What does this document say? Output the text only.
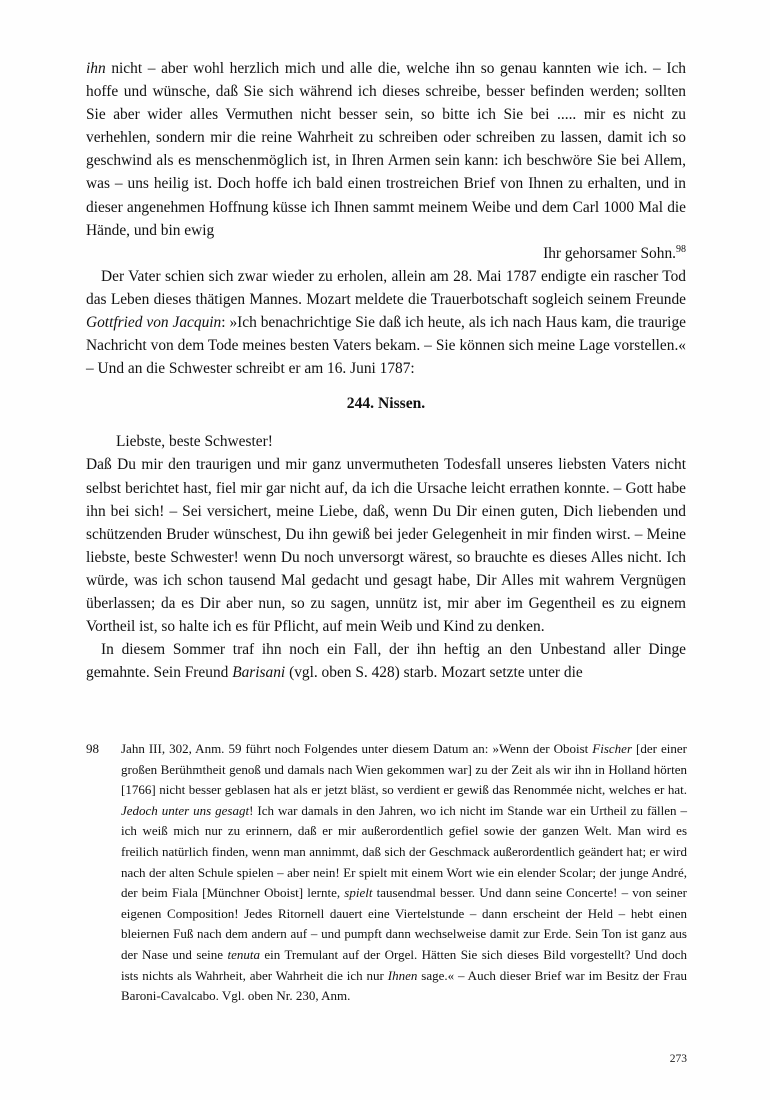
ihn nicht – aber wohl herzlich mich und alle die, welche ihn so genau kannten wie ich. – Ich hoffe und wünsche, daß Sie sich während ich dieses schreibe, besser befinden werden; sollten Sie aber wider alles Vermuthen nicht besser sein, so bitte ich Sie bei ..... mir es nicht zu verhehlen, sondern mir die reine Wahrheit zu schreiben oder schreiben zu lassen, damit ich so geschwind als es menschenmöglich ist, in Ihren Armen sein kann: ich beschwöre Sie bei Allem, was – uns heilig ist. Doch hoffe ich bald einen trostreichen Brief von Ihnen zu erhalten, und in dieser angenehmen Hoffnung küsse ich Ihnen sammt meinem Weibe und dem Carl 1000 Mal die Hände, und bin ewig

Ihr gehorsamer Sohn.$^{98}$

Der Vater schien sich zwar wieder zu erholen, allein am 28. Mai 1787 endigte ein rascher Tod das Leben dieses thätigen Mannes. Mozart meldete die Trauerbotschaft sogleich seinem Freunde Gottfried von Jacquin: »Ich benachrichtige Sie daß ich heute, als ich nach Haus kam, die traurige Nachricht von dem Tode meines besten Vaters bekam. – Sie können sich meine Lage vorstellen.« – Und an die Schwester schreibt er am 16. Juni 1787:

244. Nissen.

Liebste, beste Schwester!

Daß Du mir den traurigen und mir ganz unvermutheten Todesfall unseres liebsten Vaters nicht selbst berichtet hast, fiel mir gar nicht auf, da ich die Ursache leicht errathen konnte. – Gott habe ihn bei sich! – Sei versichert, meine Liebe, daß, wenn Du Dir einen guten, Dich liebenden und schützenden Bruder wünschest, Du ihn gewiß bei jeder Gelegenheit in mir finden wirst. – Meine liebste, beste Schwester! wenn Du noch unversorgt wärest, so brauchte es dieses Alles nicht. Ich würde, was ich schon tausend Mal gedacht und gesagt habe, Dir Alles mit wahrem Vergnügen überlassen; da es Dir aber nun, so zu sagen, unnütz ist, mir aber im Gegentheil es zu eignem Vortheil ist, so halte ich es für Pflicht, auf mein Weib und Kind zu denken.

In diesem Sommer traf ihn noch ein Fall, der ihn heftig an den Unbestand aller Dinge gemahnte. Sein Freund Barisani (vgl. oben S. 428) starb. Mozart setzte unter die

98	Jahn III, 302, Anm. 59 führt noch Folgendes unter diesem Datum an: »Wenn der Oboist Fischer [der einer großen Berühmtheit genoß und damals nach Wien gekommen war] zu der Zeit als wir ihn in Holland hörten [1766] nicht besser geblasen hat als er jetzt bläst, so verdient er gewiß das Renommée nicht, welches er hat. Jedoch unter uns gesagt! Ich war damals in den Jahren, wo ich nicht im Stande war ein Urtheil zu fällen – ich weiß mich nur zu erinnern, daß er mir außerordentlich gefiel sowie der ganzen Welt. Man wird es freilich natürlich finden, wenn man annimmt, daß sich der Geschmack außerordentlich geändert hat; er wird nach der alten Schule spielen – aber nein! Er spielt mit einem Wort wie ein elender Scolar; der junge André, der beim Fiala [Münchner Oboist] lernte, spielt tausendmal besser. Und dann seine Concerte! – von seiner eigenen Composition! Jedes Ritornell dauert eine Viertelstunde – dann erscheint der Held – hebt einen bleiernen Fuß nach dem andern auf – und pumpft dann wechselweise damit zur Erde. Sein Ton ist ganz aus der Nase und seine tenuta ein Tremulant auf der Orgel. Hätten Sie sich dieses Bild vorgestellt? Und doch ists nichts als Wahrheit, aber Wahrheit die ich nur Ihnen sage.« – Auch dieser Brief war im Besitz der Frau Baroni-Cavalcabo. Vgl. oben Nr. 230, Anm.
273
